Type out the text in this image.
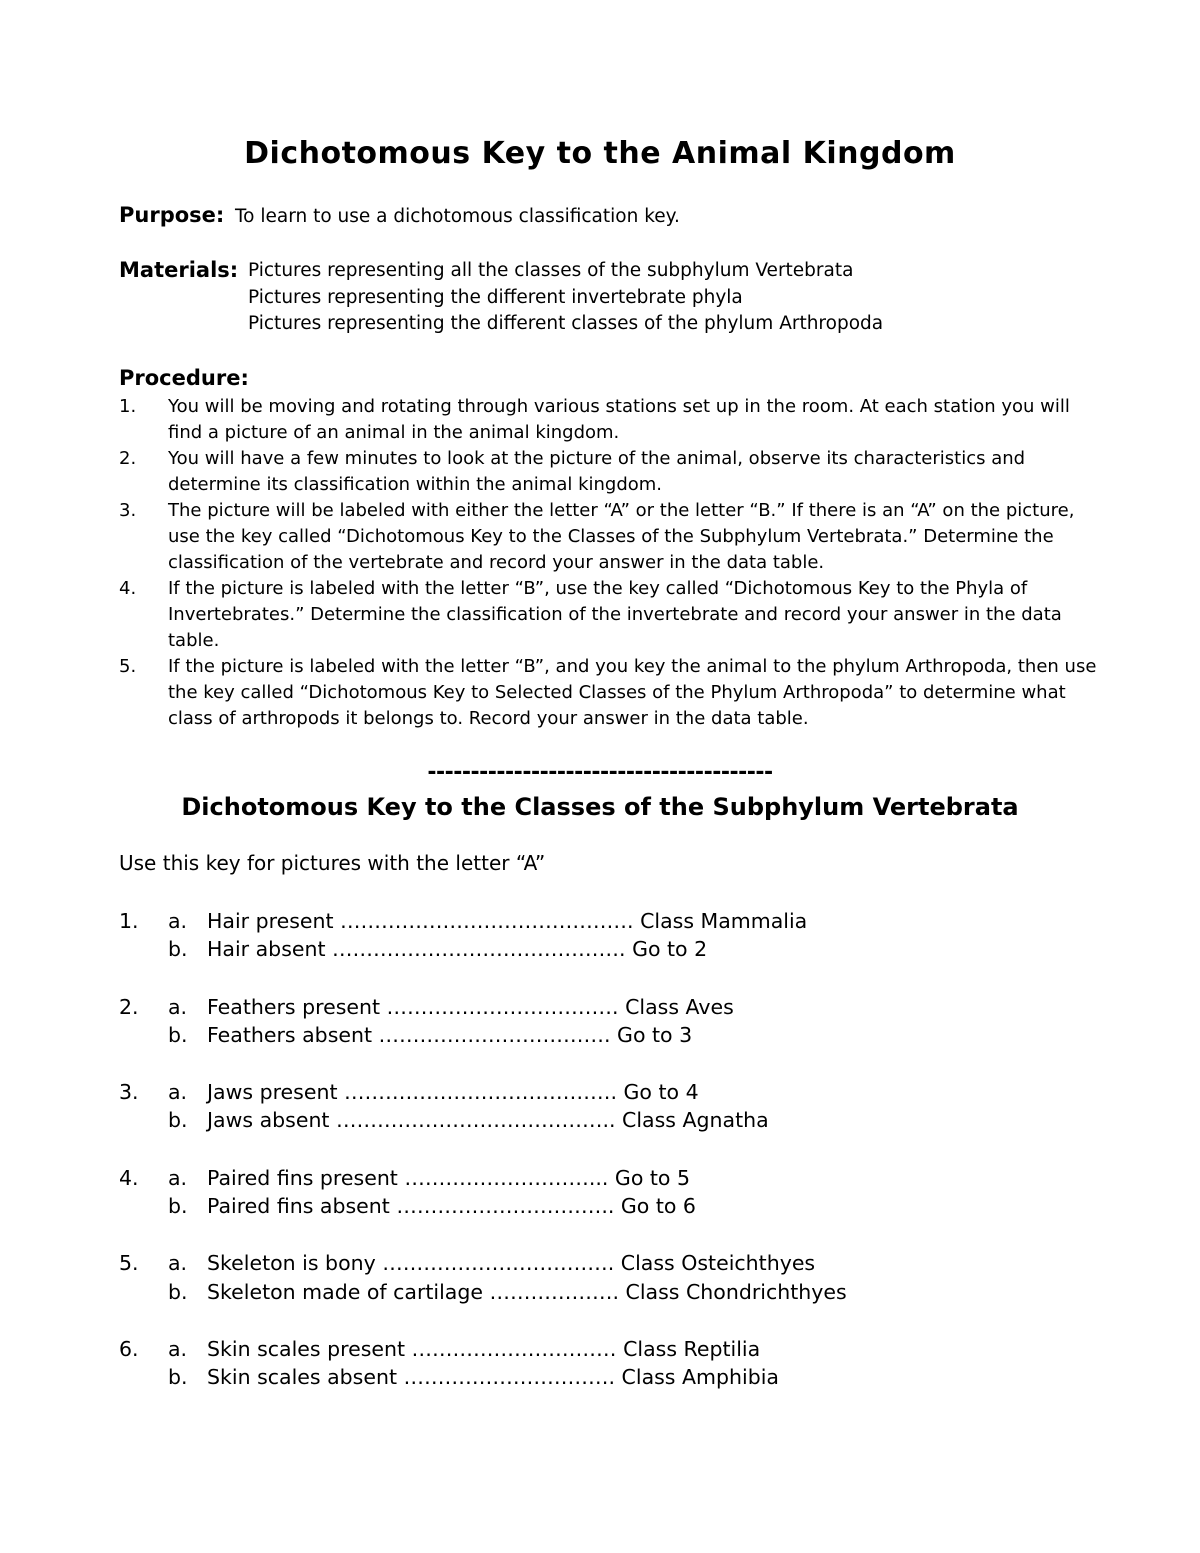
Dichotomous Key to the Animal Kingdom
Purpose: To learn to use a dichotomous classification key.
Materials: Pictures representing all the classes of the subphylum Vertebrata
Pictures representing the different invertebrate phyla
Pictures representing the different classes of the phylum Arthropoda
Procedure:
1. You will be moving and rotating through various stations set up in the room. At each station you will find a picture of an animal in the animal kingdom.
2. You will have a few minutes to look at the picture of the animal, observe its characteristics and determine its classification within the animal kingdom.
3. The picture will be labeled with either the letter “A” or the letter “B.” If there is an “A” on the picture, use the key called “Dichotomous Key to the Classes of the Subphylum Vertebrata.” Determine the classification of the vertebrate and record your answer in the data table.
4. If the picture is labeled with the letter “B”, use the key called “Dichotomous Key to the Phyla of Invertebrates.” Determine the classification of the invertebrate and record your answer in the data table.
5. If the picture is labeled with the letter “B”, and you key the animal to the phylum Arthropoda, then use the key called “Dichotomous Key to Selected Classes of the Phylum Arthropoda” to determine what class of arthropods it belongs to. Record your answer in the data table.
----------------------------------------
Dichotomous Key to the Classes of the Subphylum Vertebrata
Use this key for pictures with the letter “A”
1. a. Hair present ……………………………………. Class Mammalia
b. Hair absent ……………………………………. Go to 2
2. a. Feathers present ……………………………. Class Aves
b. Feathers absent ……………………………. Go to 3
3. a. Jaws present …………………………………. Go to 4
b. Jaws absent ………………………………….. Class Agnatha
4. a. Paired fins present ………………………... Go to 5
b. Paired fins absent ………………………….. Go to 6
5. a. Skeleton is bony ……………………………. Class Osteichthyes
b. Skeleton made of cartilage ………………. Class Chondrichthyes
6. a. Skin scales present ………………………… Class Reptilia
b. Skin scales absent …………………………. Class Amphibia
